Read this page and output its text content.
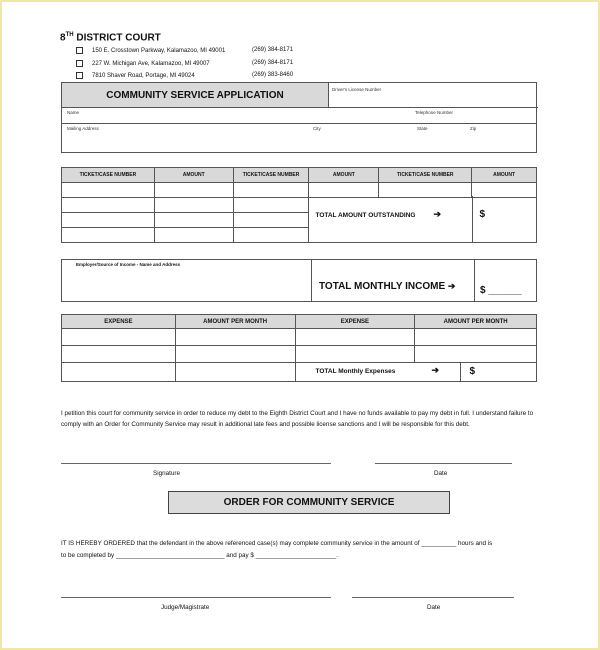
8TH DISTRICT COURT
150 E. Crosstown Parkway, Kalamazoo, MI 49001	(269) 384-8171
227 W. Michigan Ave, Kalamazoo, MI 49007	(269) 384-8171
7810 Shaver Road, Portage, MI 49024	(269) 383-8460
COMMUNITY SERVICE APPLICATION	Driver's License Number
Name	Telephone Number
Mailing Address	City	State	Zip
TICKET/CASE NUMBER	AMOUNT	TICKET/CASE NUMBER	AMOUNT	TICKET/CASE NUMBER	AMOUNT

			TOTAL AMOUNT OUTSTANDING ➔ $		

Employer/Source of Income - Name and Address
TOTAL MONTHLY INCOME ➔ $ ______
EXPENSE	AMOUNT PER MONTH	EXPENSE	AMOUNT PER MONTH

		TOTAL Monthly Expenses ➔ $	
I petition this court for community service in order to reduce my debt to the Eighth District Court and I have no funds available to pay my debt in full. I understand failure to comply with an Order for Community Service may result in additional late fees and possible license sanctions and I will be responsible for this debt.
Signature	Date
ORDER FOR COMMUNITY SERVICE
IT IS HEREBY ORDERED that the defendant in the above referenced case(s) may complete community service in the amount of __________ hours and is
to be completed by _______________________________ and pay $ _______________________.
Judge/Magistrate	Date
